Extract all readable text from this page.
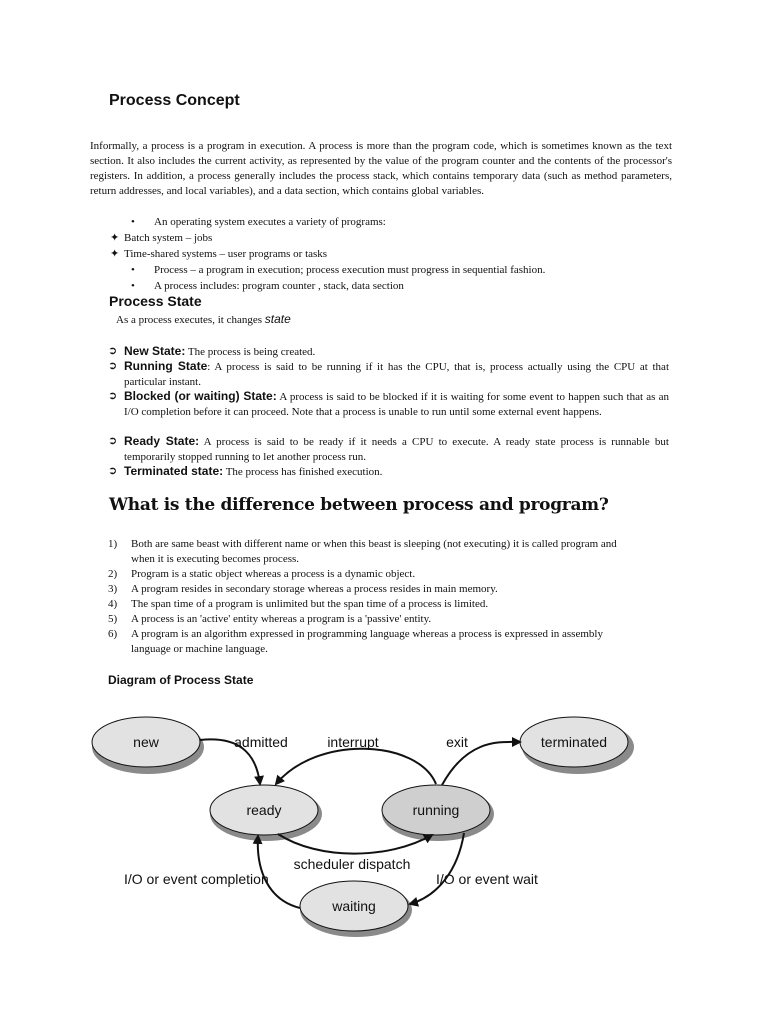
Process Concept
Informally, a process is a program in execution. A process is more than the program code, which is sometimes known as the text section. It also includes the current activity, as represented by the value of the program counter and the contents of the processor's registers. In addition, a process generally includes the process stack, which contains temporary data (such as method parameters, return addresses, and local variables), and a data section, which contains global variables.
• An operating system executes a variety of programs:
✦ Batch system – jobs
✦ Time-shared systems – user programs or tasks
• Process – a program in execution; process execution must progress in sequential fashion.
• A process includes: program counter , stack, data section
Process State
As a process executes, it changes state
➲ New State: The process is being created.
➲ Running State: A process is said to be running if it has the CPU, that is, process actually using the CPU at that particular instant.
➲ Blocked (or waiting) State: A process is said to be blocked if it is waiting for some event to happen such that as an I/O completion before it can proceed. Note that a process is unable to run until some external event happens.
➲ Ready State: A process is said to be ready if it needs a CPU to execute. A ready state process is runnable but temporarily stopped running to let another process run.
➲ Terminated state: The process has finished execution.
What is the difference between process and program?
1)	Both are same beast with different name or when this beast is sleeping (not executing) it is called program and when it is executing becomes process.
2)	Program is a static object whereas a process is a dynamic object.
3)	A program resides in secondary storage whereas a process resides in main memory.
4)	The span time of a program is unlimited but the span time of a process is limited.
5)	A process is an 'active' entity whereas a program is a 'passive' entity.
6)	A program is an algorithm expressed in programming language whereas a process is expressed in assembly language or machine language.
Diagram of Process State
new	terminated
ready	running
waiting
admitted	interrupt	exit
scheduler dispatch
I/O or event completion	I/O or event wait
